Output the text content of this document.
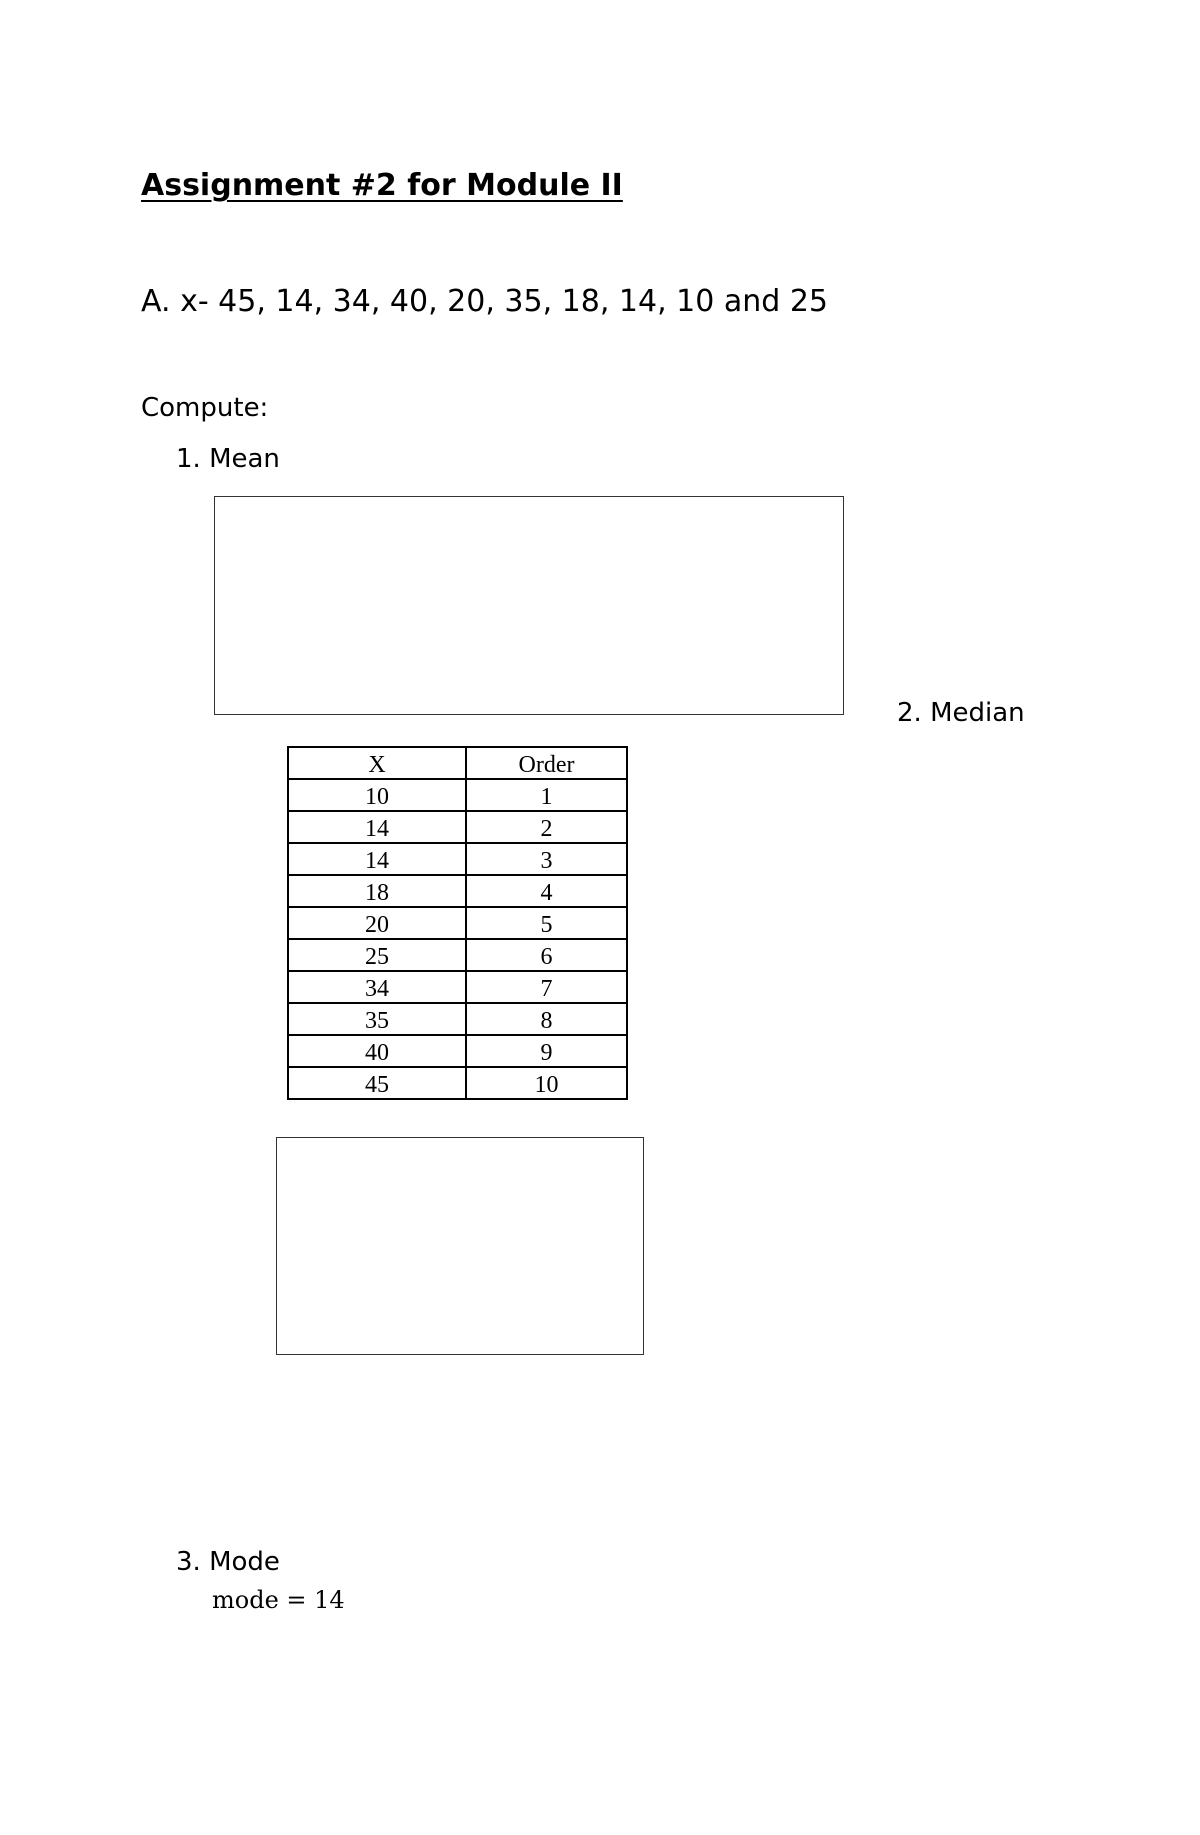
Assignment #2 for Module II
A. x- 45, 14, 34, 40, 20, 35, 18, 14, 10 and 25
Compute:
1. Mean
2. Median
X	Order
10	1
14	2
14	3
18	4
20	5
25	6
34	7
35	8
40	9
45	10
3. Mode
mode = 14
